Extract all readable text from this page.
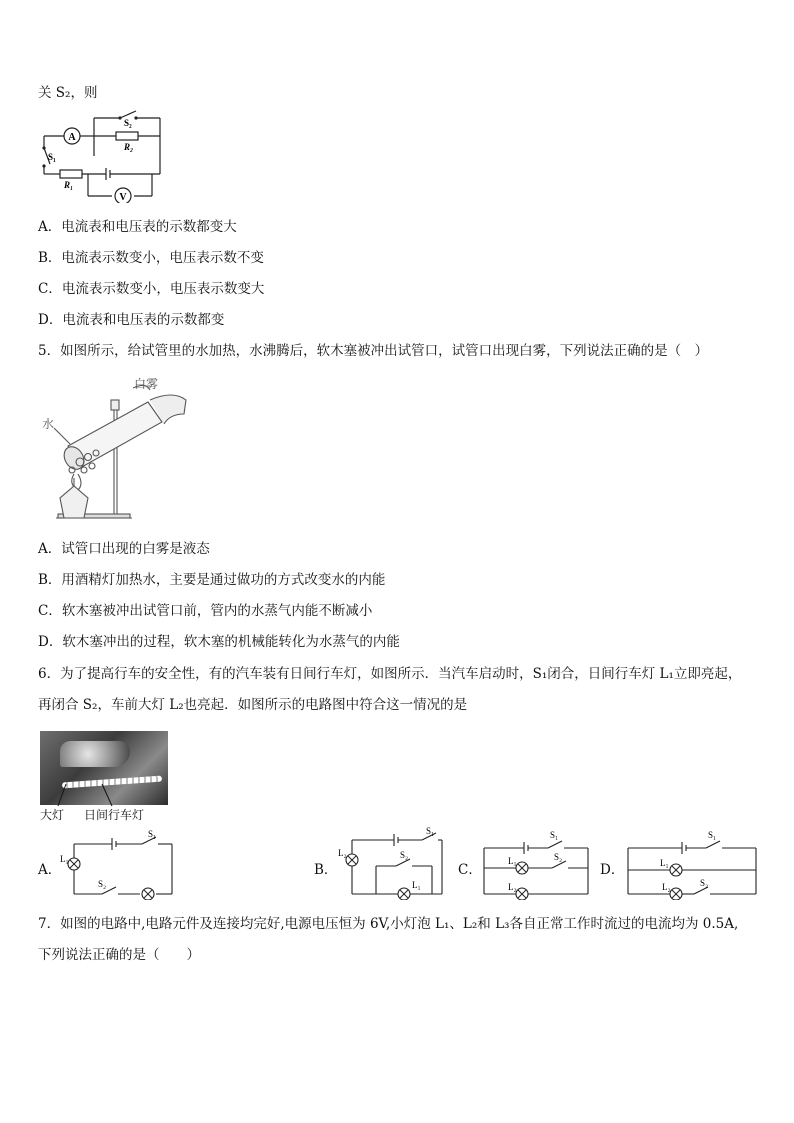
关 S₂，则
A
V
S₂
R₂
S₁
R₁
A．电流表和电压表的示数都变大
B．电流表示数变小，电压表示数不变
C．电流表示数变小，电压表示数变大
D．电流表和电压表的示数都变
5．如图所示，给试管里的水加热，水沸腾后，软木塞被冲出试管口，试管口出现白雾，下列说法正确的是（　）
白雾
水
A．试管口出现的白雾是液态
B．用酒精灯加热水，主要是通过做功的方式改变水的内能
C．软木塞被冲出试管口前，管内的水蒸气内能不断减小
D．软木塞冲出的过程，软木塞的机械能转化为水蒸气的内能
6．为了提高行车的安全性，有的汽车装有日间行车灯，如图所示．当汽车启动时，S₁闭合，日间行车灯 L₁立即亮起，
再闭合 S₂，车前大灯 L₂也亮起．如图所示的电路图中符合这一情况的是
大灯 日间行车灯
A．	B．	C．	D．
S₁
L₁
S₂
S₁
L₂	S₂
L₁
S₁
L₁	S₂
L₂
S₁
L₁
L₂	S₂
7．如图的电路中,电路元件及连接均完好,电源电压恒为 6V,小灯泡 L₁、L₂和 L₃各自正常工作时流过的电流均为 0.5A,
下列说法正确的是（　　）
